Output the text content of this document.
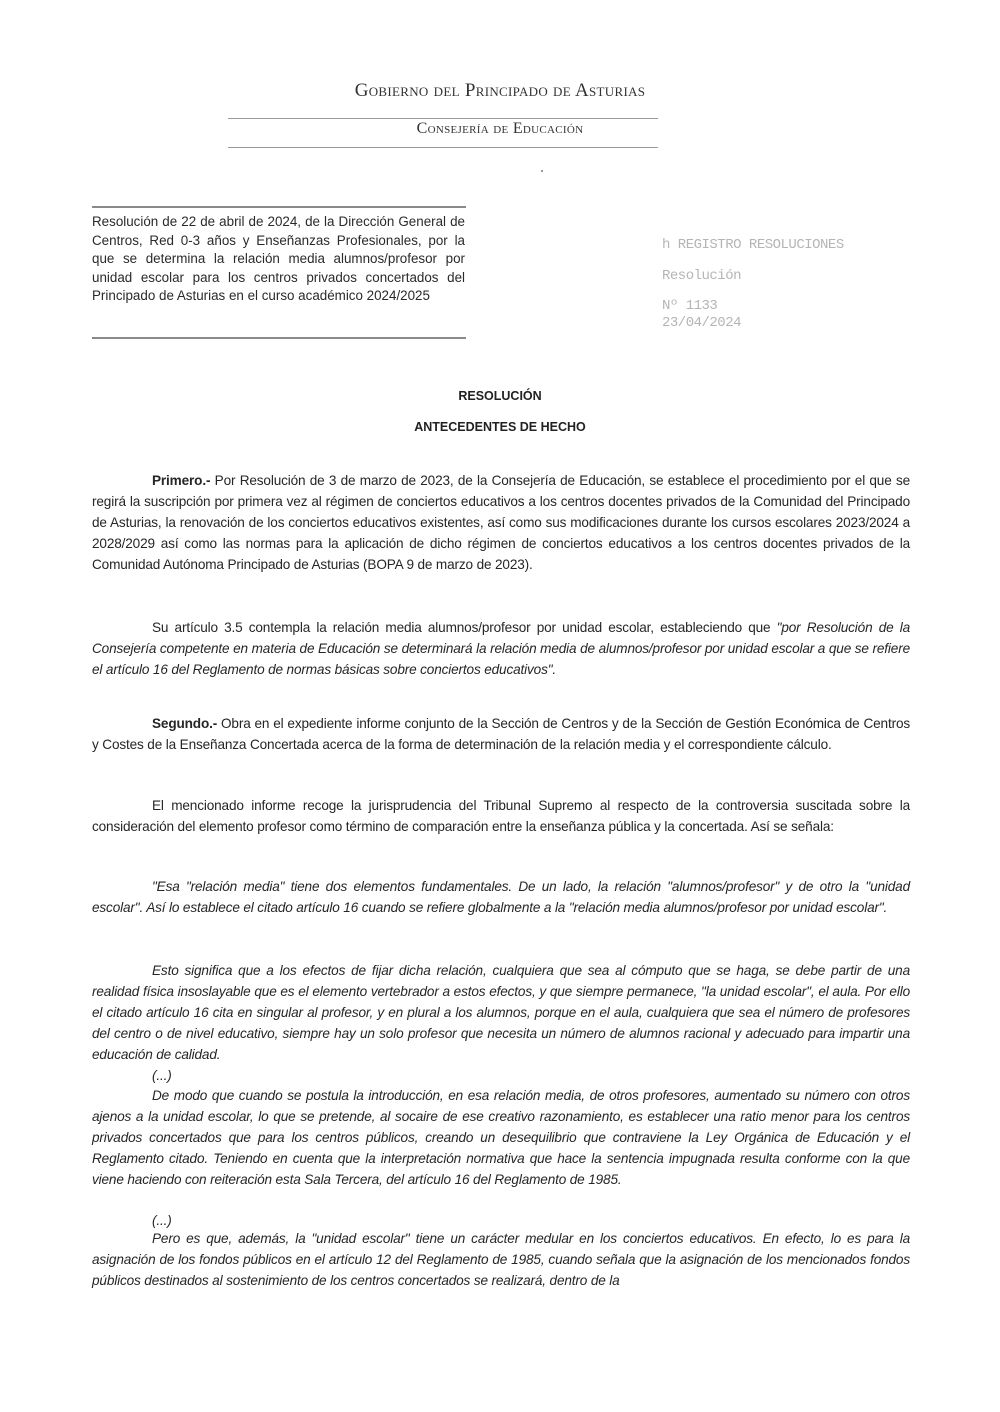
Gobierno del Principado de Asturias
Consejería de Educación
Resolución de 22 de abril de 2024, de la Dirección General de Centros, Red 0-3 años y Enseñanzas Profesionales, por la que se determina la relación media alumnos/profesor por unidad escolar para los centros privados concertados del Principado de Asturias en el curso académico 2024/2025
h REGISTRO RESOLUCIONES
Resolución
Nº 1133
23/04/2024
RESOLUCIÓN
ANTECEDENTES DE HECHO
Primero.- Por Resolución de 3 de marzo de 2023, de la Consejería de Educación, se establece el procedimiento por el que se regirá la suscripción por primera vez al régimen de conciertos educativos a los centros docentes privados de la Comunidad del Principado de Asturias, la renovación de los conciertos educativos existentes, así como sus modificaciones durante los cursos escolares 2023/2024 a 2028/2029 así como las normas para la aplicación de dicho régimen de conciertos educativos a los centros docentes privados de la Comunidad Autónoma Principado de Asturias (BOPA 9 de marzo de 2023).
Su artículo 3.5 contempla la relación media alumnos/profesor por unidad escolar, estableciendo que "por Resolución de la Consejería competente en materia de Educación se determinará la relación media de alumnos/profesor por unidad escolar a que se refiere el artículo 16 del Reglamento de normas básicas sobre conciertos educativos".
Segundo.- Obra en el expediente informe conjunto de la Sección de Centros y de la Sección de Gestión Económica de Centros y Costes de la Enseñanza Concertada acerca de la forma de determinación de la relación media y el correspondiente cálculo.
El mencionado informe recoge la jurisprudencia del Tribunal Supremo al respecto de la controversia suscitada sobre la consideración del elemento profesor como término de comparación entre la enseñanza pública y la concertada. Así se señala:
"Esa "relación media" tiene dos elementos fundamentales. De un lado, la relación "alumnos/profesor" y de otro la "unidad escolar". Así lo establece el citado artículo 16 cuando se refiere globalmente a la "relación media alumnos/profesor por unidad escolar".
Esto significa que a los efectos de fijar dicha relación, cualquiera que sea al cómputo que se haga, se debe partir de una realidad física insoslayable que es el elemento vertebrador a estos efectos, y que siempre permanece, "la unidad escolar", el aula. Por ello el citado artículo 16 cita en singular al profesor, y en plural a los alumnos, porque en el aula, cualquiera que sea el número de profesores del centro o de nivel educativo, siempre hay un solo profesor que necesita un número de alumnos racional y adecuado para impartir una educación de calidad.
(...)
De modo que cuando se postula la introducción, en esa relación media, de otros profesores, aumentado su número con otros ajenos a la unidad escolar, lo que se pretende, al socaire de ese creativo razonamiento, es establecer una ratio menor para los centros privados concertados que para los centros públicos, creando un desequilibrio que contraviene la Ley Orgánica de Educación y el Reglamento citado. Teniendo en cuenta que la interpretación normativa que hace la sentencia impugnada resulta conforme con la que viene haciendo con reiteración esta Sala Tercera, del artículo 16 del Reglamento de 1985.
(...)
Pero es que, además, la "unidad escolar" tiene un carácter medular en los conciertos educativos. En efecto, lo es para la asignación de los fondos públicos en el artículo 12 del Reglamento de 1985, cuando señala que la asignación de los mencionados fondos públicos destinados al sostenimiento de los centros concertados se realizará, dentro de la
